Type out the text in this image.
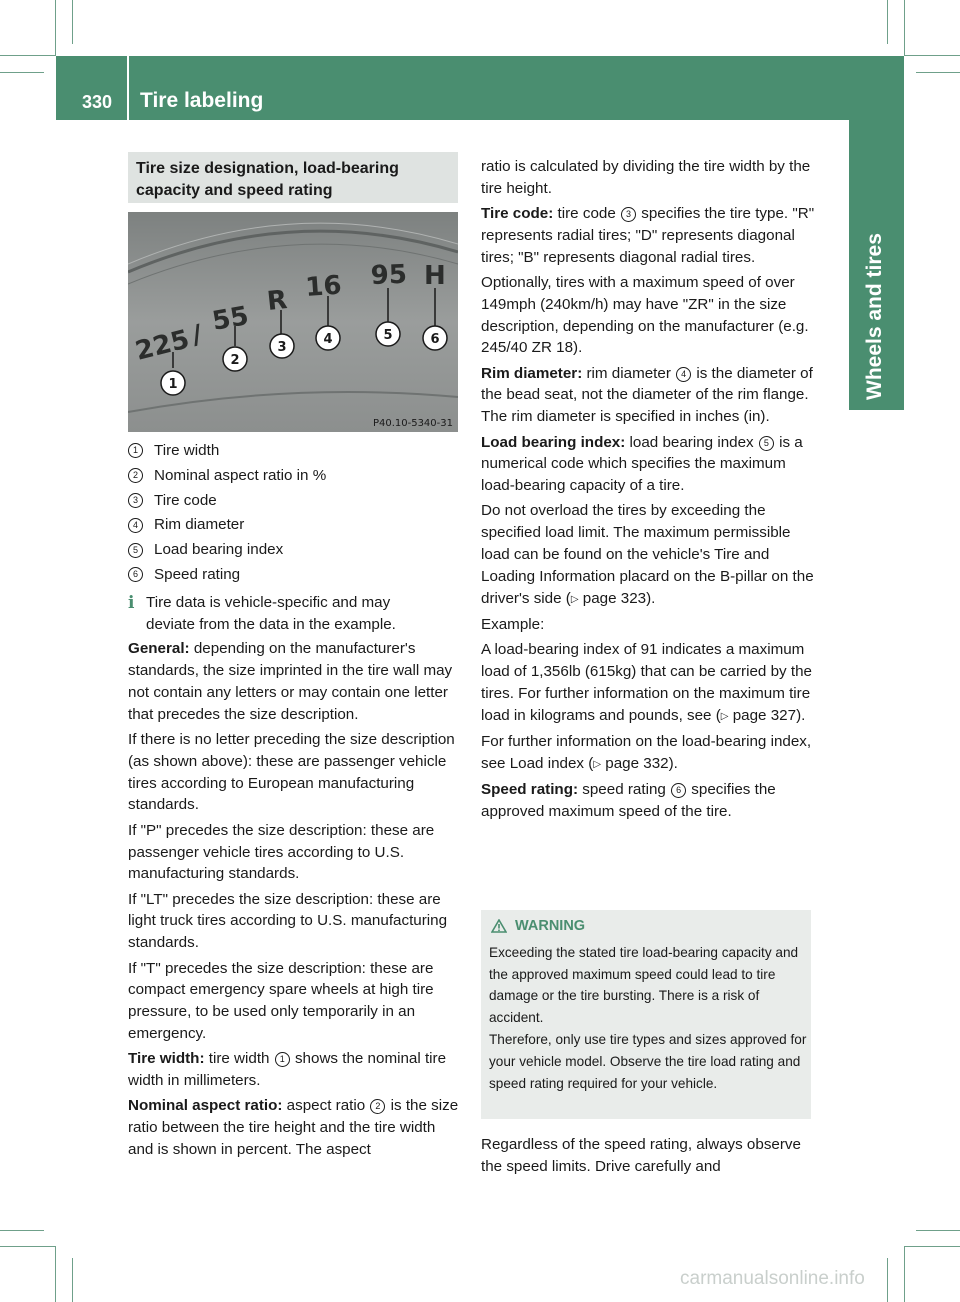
330 Tire labeling
Wheels and tires
Tire size designation, load-bearing
capacity and speed rating
225
/ 55
R 16 95 H
1
2
3
4	5	6
P40.10-5340-31
1	Tire width
2	Nominal aspect ratio in %
3	Tire code
4	Rim diameter
5	Load bearing index
6	Speed rating
i Tire data is vehicle-specific and may
deviate from the data in the example.

General: depending on the manufacturer's standards, the size imprinted in the tire wall may not contain any letters or may contain one letter that precedes the size description.

If there is no letter preceding the size description (as shown above): these are passenger vehicle tires according to European manufacturing standards.

If "P" precedes the size description: these are passenger vehicle tires according to U.S. manufacturing standards.

If "LT" precedes the size description: these are light truck tires according to U.S. manufacturing standards.

If "T" precedes the size description: these are compact emergency spare wheels at high tire pressure, to be used only temporarily in an emergency.

Tire width: tire width 1 shows the nominal tire width in millimeters.

Nominal aspect ratio: aspect ratio 2 is the size ratio between the tire height and the tire width and is shown in percent. The aspect

ratio is calculated by dividing the tire width by the tire height.

Tire code: tire code 3 specifies the tire type. "R" represents radial tires; "D" represents diagonal tires; "B" represents diagonal radial tires.

Optionally, tires with a maximum speed of over 149mph (240km/h) may have "ZR" in the size description, depending on the manufacturer (e.g. 245/40 ZR 18).

Rim diameter: rim diameter 4 is the diameter of the bead seat, not the diameter of the rim flange. The rim diameter is specified in inches (in).

Load bearing index: load bearing index 5 is a numerical code which specifies the maximum load-bearing capacity of a tire.

Do not overload the tires by exceeding the specified load limit. The maximum permissible load can be found on the vehicle's Tire and Loading Information placard on the B-pillar on the driver's side (▷ page 323).

Example:

A load-bearing index of 91 indicates a maximum load of 1,356lb (615kg) that can be carried by the tires. For further information on the maximum tire load in kilograms and pounds, see (▷ page 327).

For further information on the load-bearing index, see Load index (▷ page 332).

Speed rating: speed rating 6 specifies the approved maximum speed of the tire.

WARNING

Exceeding the stated tire load-bearing capacity and the approved maximum speed could lead to tire damage or the tire bursting. There is a risk of accident.

Therefore, only use tire types and sizes approved for your vehicle model. Observe the tire load rating and speed rating required for your vehicle.

Regardless of the speed rating, always observe the speed limits. Drive carefully and

carmanualsonline.info
